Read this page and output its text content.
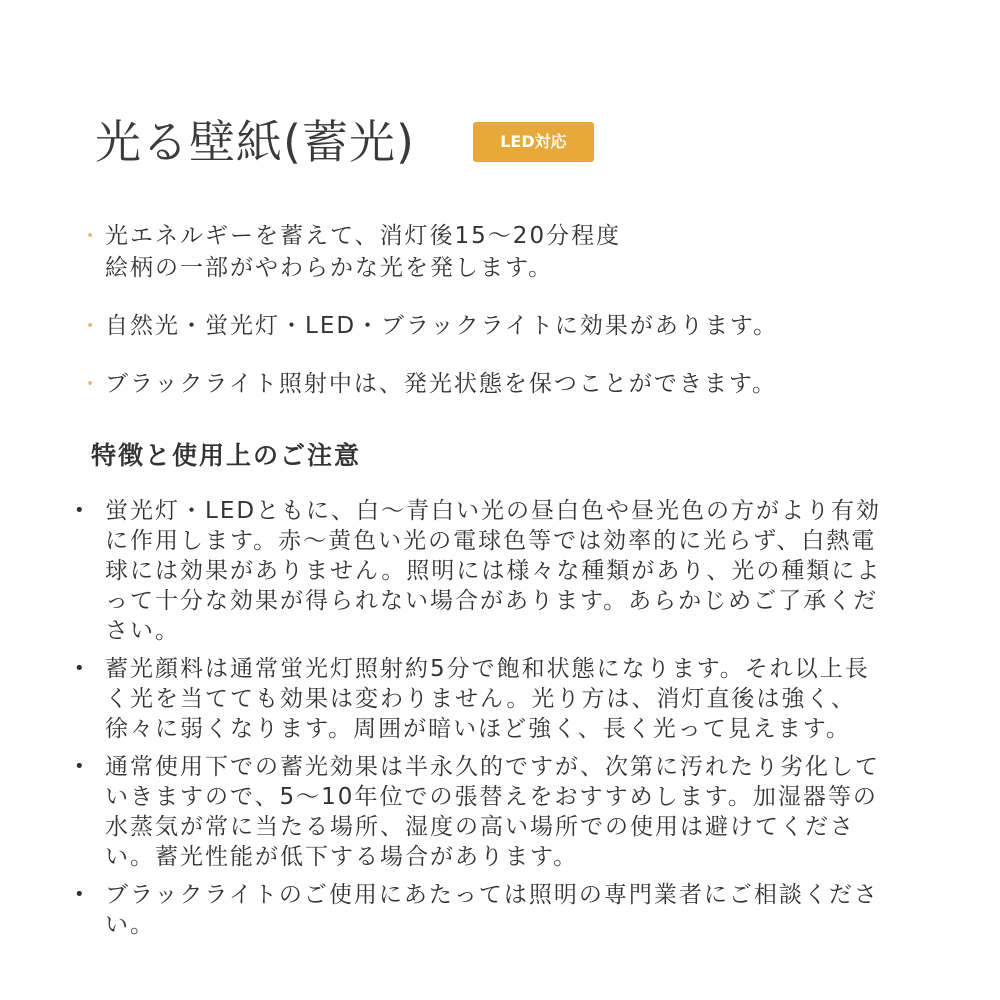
光る壁紙(蓄光)	LED対応
• 光エネルギーを蓄えて、消灯後15〜20分程度
絵柄の一部がやわらかな光を発します。
• 自然光・蛍光灯・LED・ブラックライトに効果があります。
• ブラックライト照射中は、発光状態を保つことができます。
特徴と使用上のご注意
• 蛍光灯・LEDともに、白〜青白い光の昼白色や昼光色の方がより有効
に作用します。赤〜黄色い光の電球色等では効率的に光らず、白熱電
球には効果がありません。照明には様々な種類があり、光の種類によ
って十分な効果が得られない場合があります。あらかじめご了承くだ
さい。
• 蓄光顔料は通常蛍光灯照射約5分で飽和状態になります。それ以上長
く光を当てても効果は変わりません。光り方は、消灯直後は強く、
徐々に弱くなります。周囲が暗いほど強く、長く光って見えます。
• 通常使用下での蓄光効果は半永久的ですが、次第に汚れたり劣化して
いきますので、5〜10年位での張替えをおすすめします。加湿器等の
水蒸気が常に当たる場所、湿度の高い場所での使用は避けてくださ
い。蓄光性能が低下する場合があります。
• ブラックライトのご使用にあたっては照明の専門業者にご相談くださ
い。
